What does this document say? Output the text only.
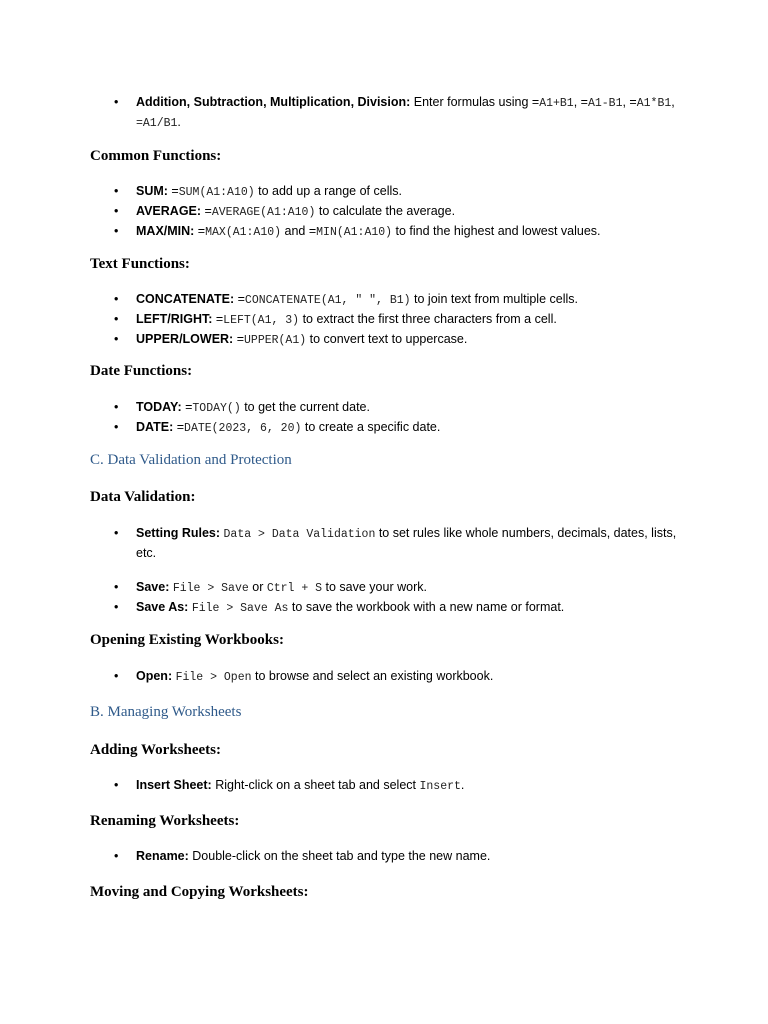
•	Addition, Subtraction, Multiplication, Division: Enter formulas using =A1+B1, =A1-B1, =A1*B1, =A1/B1.
Common Functions:
•	SUM: =SUM(A1:A10) to add up a range of cells.
•	AVERAGE: =AVERAGE(A1:A10) to calculate the average.
•	MAX/MIN: =MAX(A1:A10) and =MIN(A1:A10) to find the highest and lowest values.
Text Functions:
•	CONCATENATE: =CONCATENATE(A1, " ", B1) to join text from multiple cells.
•	LEFT/RIGHT: =LEFT(A1, 3) to extract the first three characters from a cell.
•	UPPER/LOWER: =UPPER(A1) to convert text to uppercase.
Date Functions:
•	TODAY: =TODAY() to get the current date.
•	DATE: =DATE(2023, 6, 20) to create a specific date.
C. Data Validation and Protection
Data Validation:
•	Setting Rules: Data > Data Validation to set rules like whole numbers, decimals, dates, lists, etc.
•	Save: File > Save or Ctrl + S to save your work.
•	Save As: File > Save As to save the workbook with a new name or format.
Opening Existing Workbooks:
•	Open: File > Open to browse and select an existing workbook.
B. Managing Worksheets
Adding Worksheets:
•	Insert Sheet: Right-click on a sheet tab and select Insert.
Renaming Worksheets:
•	Rename: Double-click on the sheet tab and type the new name.
Moving and Copying Worksheets:
